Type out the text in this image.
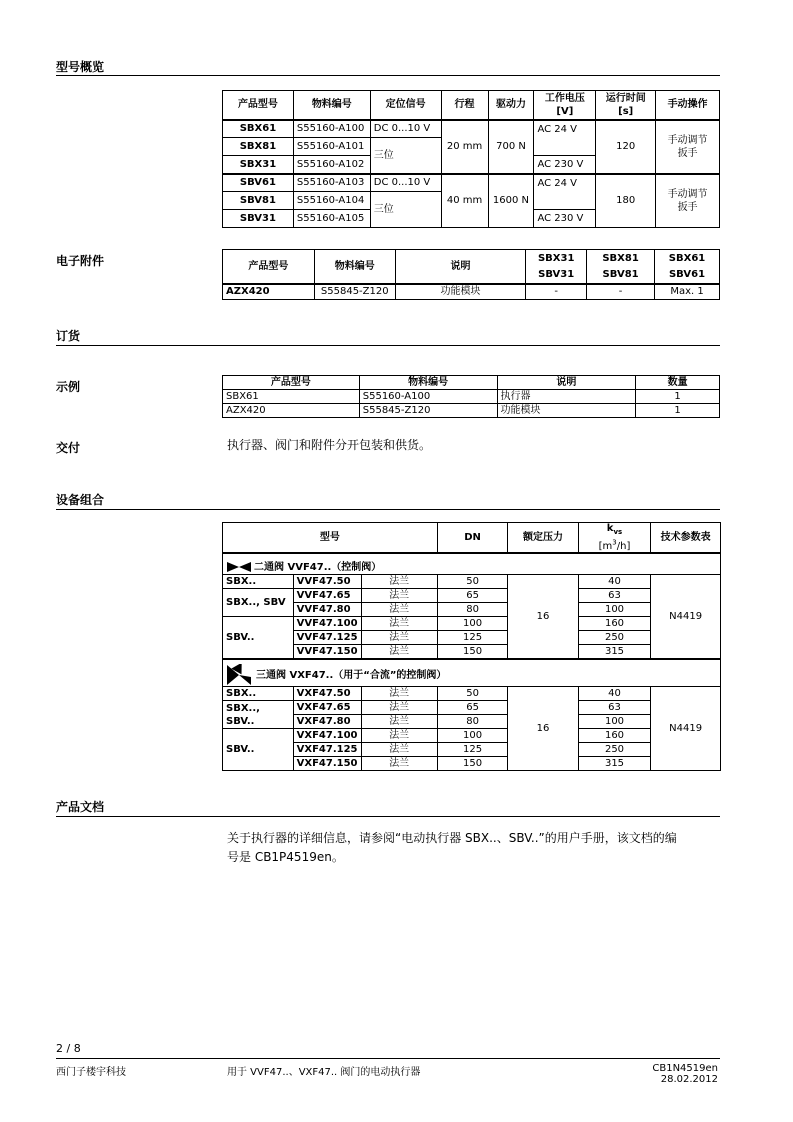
型号概览
产品型号	物料编号	定位信号	行程	驱动力	工作电压
[V]	运行时间
[s]	手动操作
SBX61	S55160-A100	DC 0...10 V	20 mm	700 N	AC 24 V	120	手动调节
扳手
SBX81	S55160-A101	三位					
SBX31	S55160-A102				AC 230 V		
SBV61	S55160-A103	DC 0...10 V	40 mm	1600 N	AC 24 V	180	手动调节
扳手
SBV81	S55160-A104	三位					
SBV31	S55160-A105				AC 230 V		
电子附件	产品型号	物料编号	说明	SBX31	SBX81	SBX61
			SBV31	SBV81	SBV61
AZX420	S55845-Z120	功能模块	-	-	Max. 1
订货
示例	产品型号	物料编号	说明	数量
SBX61	S55160-A100	执行器	1
AZX420	S55845-Z120	功能模块	1
交付	执行器、阀门和附件分开包装和供货。
设备组合
型号			DN	额定压力	$k_{vs}$
$[m^3/h]$	技术参数表
二通阀 VVF47..（控制阀）						
SBX..	VVF47.50	法兰	50	16	40	N4419
SBX.., SBV	VVF47.65	法兰	65		63	
	VVF47.80	法兰	80		100	
SBV..	VVF47.100	法兰	100		160	
	VVF47.125	法兰	125		250	
	VVF47.150	法兰	150		315	
三通阀 VXF47..（用于“合流”的控制阀）						
SBX..	VXF47.50	法兰	50	16	40	N4419
SBX.., SBV..	VXF47.65	法兰	65		63	
	VXF47.80	法兰	80		100	
SBV..	VXF47.100	法兰	100		160	
	VXF47.125	法兰	125		250	
	VXF47.150	法兰	150		315	
产品文档
关于执行器的详细信息，请参阅“电动执行器 SBX..、SBV..”的用户手册，该文档的编
号是 CB1P4519en。
2 / 8
西门子楼宇科技	用于 VVF47..、VXF47.. 阀门的电动执行器	CB1N4519en
28.02.2012
